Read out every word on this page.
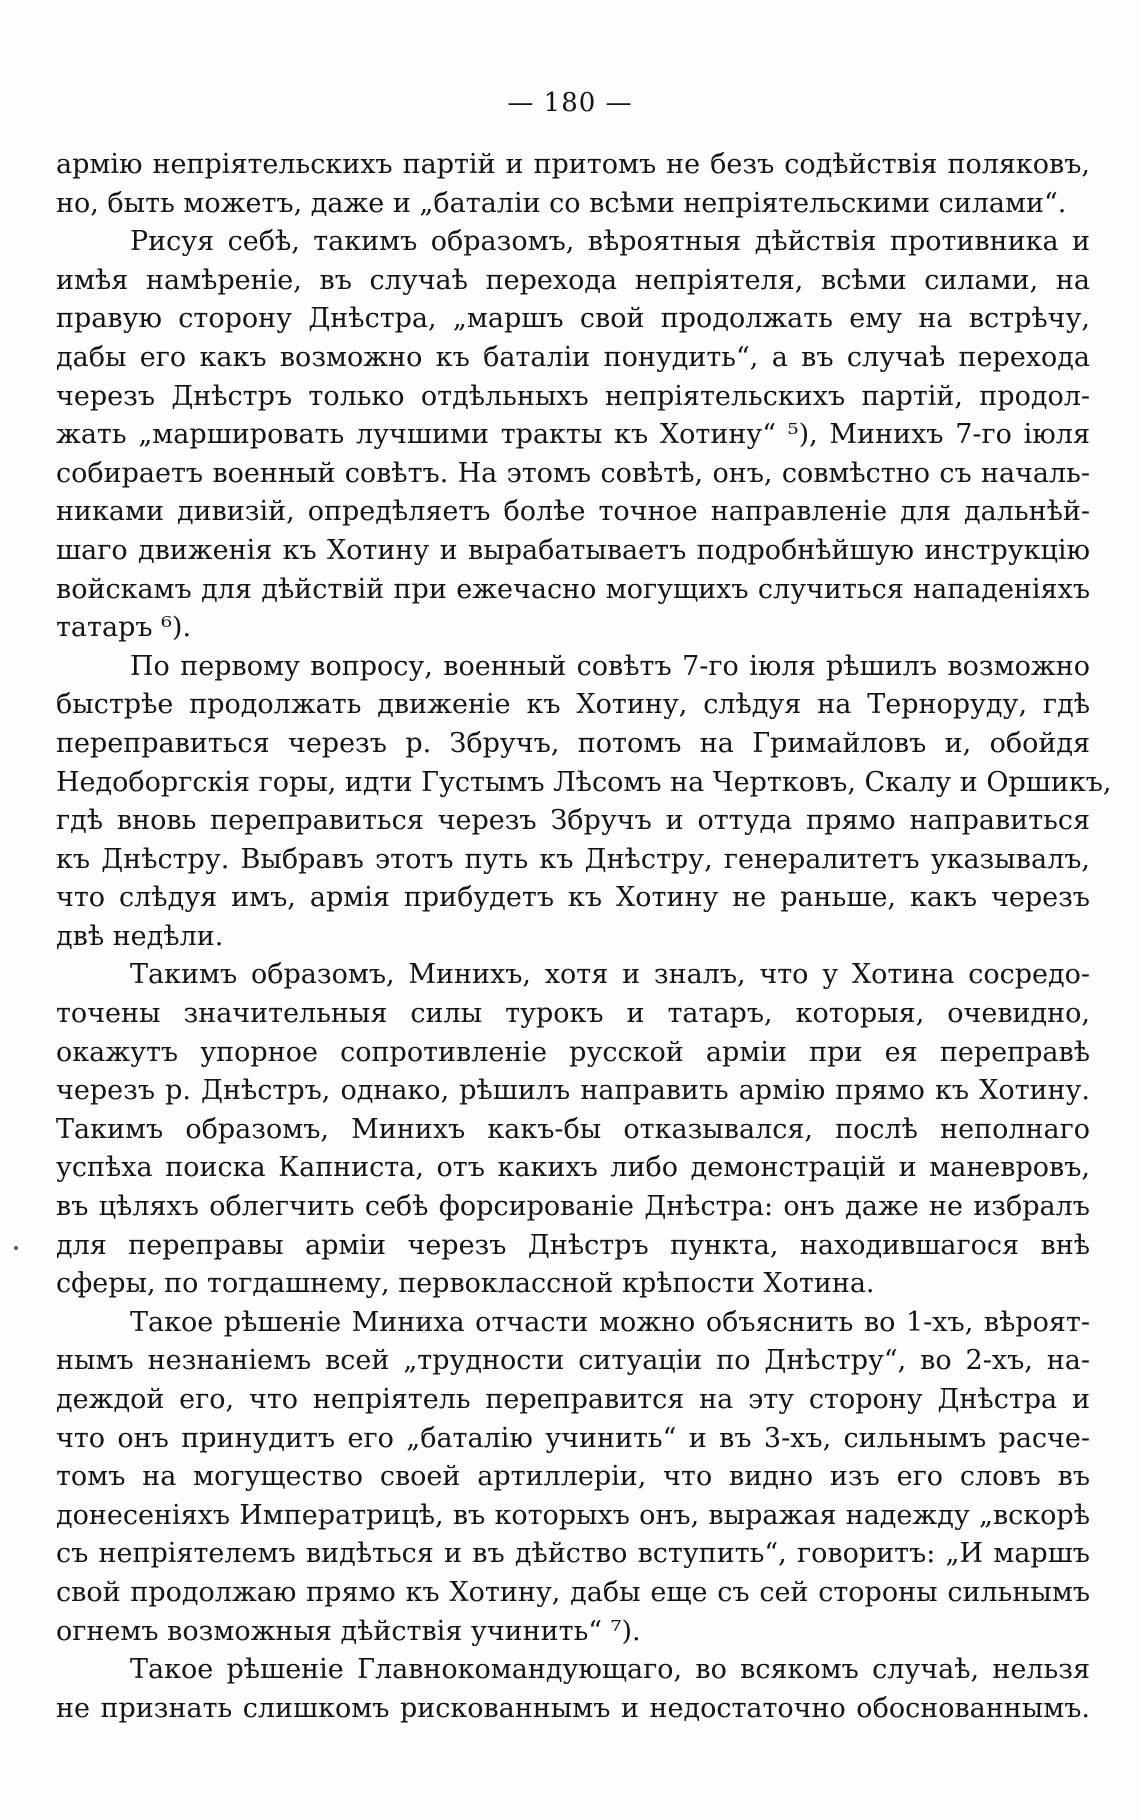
— 180 —
армію непріятельскихъ партій и притомъ не безъ содѣйствія поляковъ,
но, быть можетъ, даже и „баталіи со всѣми непріятельскими силами“.
Рисуя себѣ, такимъ образомъ, вѣроятныя дѣйствія противника и
имѣя намѣреніе, въ случаѣ перехода непріятеля, всѣми силами, на
правую сторону Днѣстра, „маршъ свой продолжать ему на встрѣчу,
дабы его какъ возможно къ баталіи понудить“, а въ случаѣ перехода
черезъ Днѣстръ только отдѣльныхъ непріятельскихъ партій, продол-
жать „маршировать лучшими тракты къ Хотину“ ⁵), Минихъ 7-го іюля
собираетъ военный совѣтъ. На этомъ совѣтѣ, онъ, совмѣстно съ началь-
никами дивизій, опредѣляетъ болѣе точное направленіе для дальнѣй-
шаго движенія къ Хотину и вырабатываетъ подробнѣйшую инструкцію
войскамъ для дѣйствій при ежечасно могущихъ случиться нападеніяхъ
татаръ ⁶).
По первому вопросу, военный совѣтъ 7-го іюля рѣшилъ возможно
быстрѣе продолжать движеніе къ Хотину, слѣдуя на Терноруду, гдѣ
переправиться черезъ р. Збручъ, потомъ на Гримайловъ и, обойдя
Недоборгскія горы, идти Густымъ Лѣсомъ на Чертковъ, Скалу и Оршикъ,
гдѣ вновь переправиться черезъ Збручъ и оттуда прямо направиться
къ Днѣстру. Выбравъ этотъ путь къ Днѣстру, генералитетъ указывалъ,
что слѣдуя имъ, армія прибудетъ къ Хотину не раньше, какъ черезъ
двѣ недѣли.
Такимъ образомъ, Минихъ, хотя и зналъ, что у Хотина сосредо-
точены значительныя силы турокъ и татаръ, которыя, очевидно,
окажутъ упорное сопротивленіе русской арміи при ея переправѣ
черезъ р. Днѣстръ, однако, рѣшилъ направить армію прямо къ Хотину.
Такимъ образомъ, Минихъ какъ-бы отказывался, послѣ неполнаго
успѣха поиска Капниста, отъ какихъ либо демонстрацій и маневровъ,
въ цѣляхъ облегчить себѣ форсированіе Днѣстра: онъ даже не избралъ
для переправы арміи черезъ Днѣстръ пункта, находившагося внѣ
сферы, по тогдашнему, первоклассной крѣпости Хотина.
Такое рѣшеніе Миниха отчасти можно объяснить во 1-хъ, вѣроят-
нымъ незнаніемъ всей „трудности ситуаціи по Днѣстру“, во 2-хъ, на-
деждой его, что непріятель переправится на эту сторону Днѣстра и
что онъ принудитъ его „баталію учинить“ и въ 3-хъ, сильнымъ расче-
томъ на могущество своей артиллеріи, что видно изъ его словъ въ
донесеніяхъ Императрицѣ, въ которыхъ онъ, выражая надежду „вскорѣ
съ непріятелемъ видѣться и въ дѣйство вступить“, говоритъ: „И маршъ
свой продолжаю прямо къ Хотину, дабы еще съ сей стороны сильнымъ
огнемъ возможныя дѣйствія учинить“ ⁷).
Такое рѣшеніе Главнокомандующаго, во всякомъ случаѣ, нельзя
не признать слишкомъ рискованнымъ и недостаточно обоснованнымъ.
